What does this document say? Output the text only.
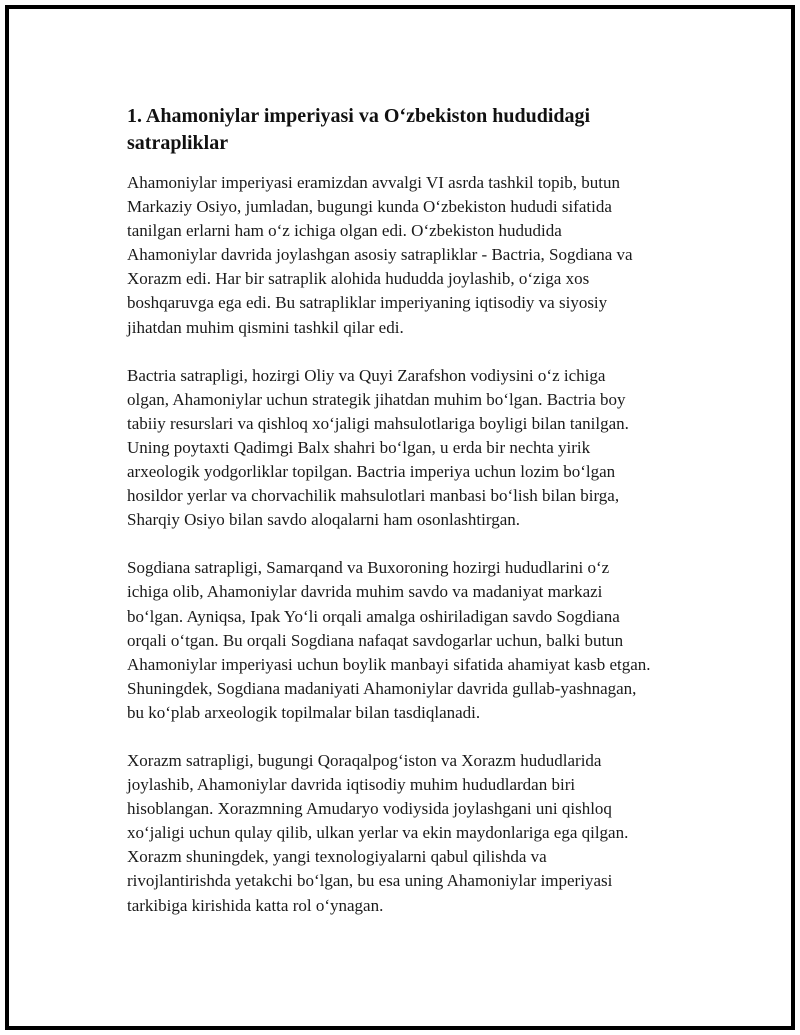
1. Ahamoniylar imperiyasi va O‘zbekiston hududidagi
satrapliklar

Ahamoniylar imperiyasi eramizdan avvalgi VI asrda tashkil topib, butun
Markaziy Osiyo, jumladan, bugungi kunda O‘zbekiston hududi sifatida
tanilgan erlarni ham o‘z ichiga olgan edi. O‘zbekiston hududida
Ahamoniylar davrida joylashgan asosiy satrapliklar - Bactria, Sogdiana va
Xorazm edi. Har bir satraplik alohida hududda joylashib, o‘ziga xos
boshqaruvga ega edi. Bu satrapliklar imperiyaning iqtisodiy va siyosiy
jihatdan muhim qismini tashkil qilar edi.

Bactria satrapligi, hozirgi Oliy va Quyi Zarafshon vodiysini o‘z ichiga
olgan, Ahamoniylar uchun strategik jihatdan muhim bo‘lgan. Bactria boy
tabiiy resurslari va qishloq xo‘jaligi mahsulotlariga boyligi bilan tanilgan.
Uning poytaxti Qadimgi Balx shahri bo‘lgan, u erda bir nechta yirik
arxeologik yodgorliklar topilgan. Bactria imperiya uchun lozim bo‘lgan
hosildor yerlar va chorvachilik mahsulotlari manbasi bo‘lish bilan birga,
Sharqiy Osiyo bilan savdo aloqalarni ham osonlashtirgan.

Sogdiana satrapligi, Samarqand va Buxoroning hozirgi hududlarini o‘z
ichiga olib, Ahamoniylar davrida muhim savdo va madaniyat markazi
bo‘lgan. Ayniqsa, Ipak Yo‘li orqali amalga oshiriladigan savdo Sogdiana
orqali o‘tgan. Bu orqali Sogdiana nafaqat savdogarlar uchun, balki butun
Ahamoniylar imperiyasi uchun boylik manbayi sifatida ahamiyat kasb etgan.
Shuningdek, Sogdiana madaniyati Ahamoniylar davrida gullab-yashnagan,
bu ko‘plab arxeologik topilmalar bilan tasdiqlanadi.

Xorazm satrapligi, bugungi Qoraqalpog‘iston va Xorazm hududlarida
joylashib, Ahamoniylar davrida iqtisodiy muhim hududlardan biri
hisoblangan. Xorazmning Amudaryo vodiysida joylashgani uni qishloq
xo‘jaligi uchun qulay qilib, ulkan yerlar va ekin maydonlariga ega qilgan.
Xorazm shuningdek, yangi texnologiyalarni qabul qilishda va
rivojlantirishda yetakchi bo‘lgan, bu esa uning Ahamoniylar imperiyasi
tarkibiga kirishida katta rol o‘ynagan.
